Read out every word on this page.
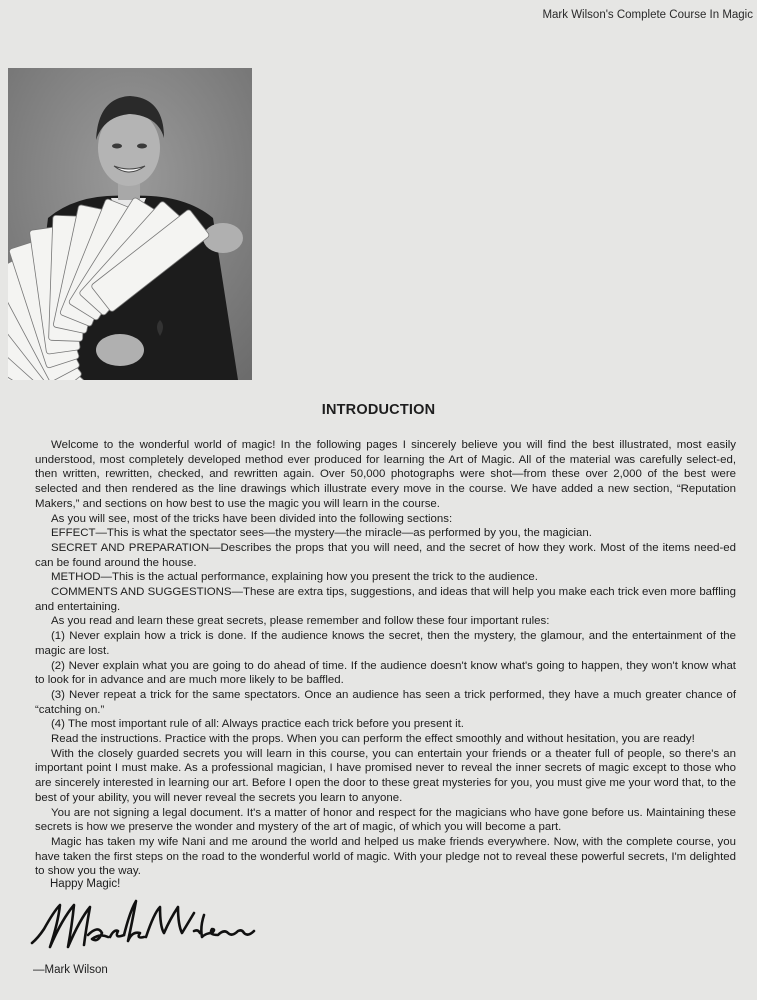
Mark Wilson's Complete Course In Magic
INTRODUCTION

Welcome to the wonderful world of magic! In the following pages I sincerely believe you will find the best illustrated, most easily understood, most completely developed method ever produced for learning the Art of Magic. All of the material was carefully select-ed, then written, rewritten, checked, and rewritten again. Over 50,000 photographs were shot—from these over 2,000 of the best were selected and then rendered as the line drawings which illustrate every move in the course. We have added a new section, “Reputation Makers,” and sections on how best to use the magic you will learn in the course.

As you will see, most of the tricks have been divided into the following sections:

EFFECT—This is what the spectator sees—the mystery—the miracle—as performed by you, the magician.

SECRET AND PREPARATION—Describes the props that you will need, and the secret of how they work. Most of the items need-ed can be found around the house.

METHOD—This is the actual performance, explaining how you present the trick to the audience.

COMMENTS AND SUGGESTIONS—These are extra tips, suggestions, and ideas that will help you make each trick even more baffling and entertaining.

As you read and learn these great secrets, please remember and follow these four important rules:

(1) Never explain how a trick is done. If the audience knows the secret, then the mystery, the glamour, and the entertainment of the magic are lost.

(2) Never explain what you are going to do ahead of time. If the audience doesn't know what's going to happen, they won't know what to look for in advance and are much more likely to be baffled.

(3) Never repeat a trick for the same spectators. Once an audience has seen a trick performed, they have a much greater chance of “catching on.”

(4) The most important rule of all: Always practice each trick before you present it.

Read the instructions. Practice with the props. When you can perform the effect smoothly and without hesitation, you are ready!

With the closely guarded secrets you will learn in this course, you can entertain your friends or a theater full of people, so there's an important point I must make. As a professional magician, I have promised never to reveal the inner secrets of magic except to those who are sincerely interested in learning our art. Before I open the door to these great mysteries for you, you must give me your word that, to the best of your ability, you will never reveal the secrets you learn to anyone.

You are not signing a legal document. It's a matter of honor and respect for the magicians who have gone before us. Maintaining these secrets is how we preserve the wonder and mystery of the art of magic, of which you will become a part.

Magic has taken my wife Nani and me around the world and helped us make friends everywhere. Now, with the complete course, you have taken the first steps on the road to the wonderful world of magic. With your pledge not to reveal these powerful secrets, I'm delighted to show you the way.

Happy Magic!
—Mark Wilson
